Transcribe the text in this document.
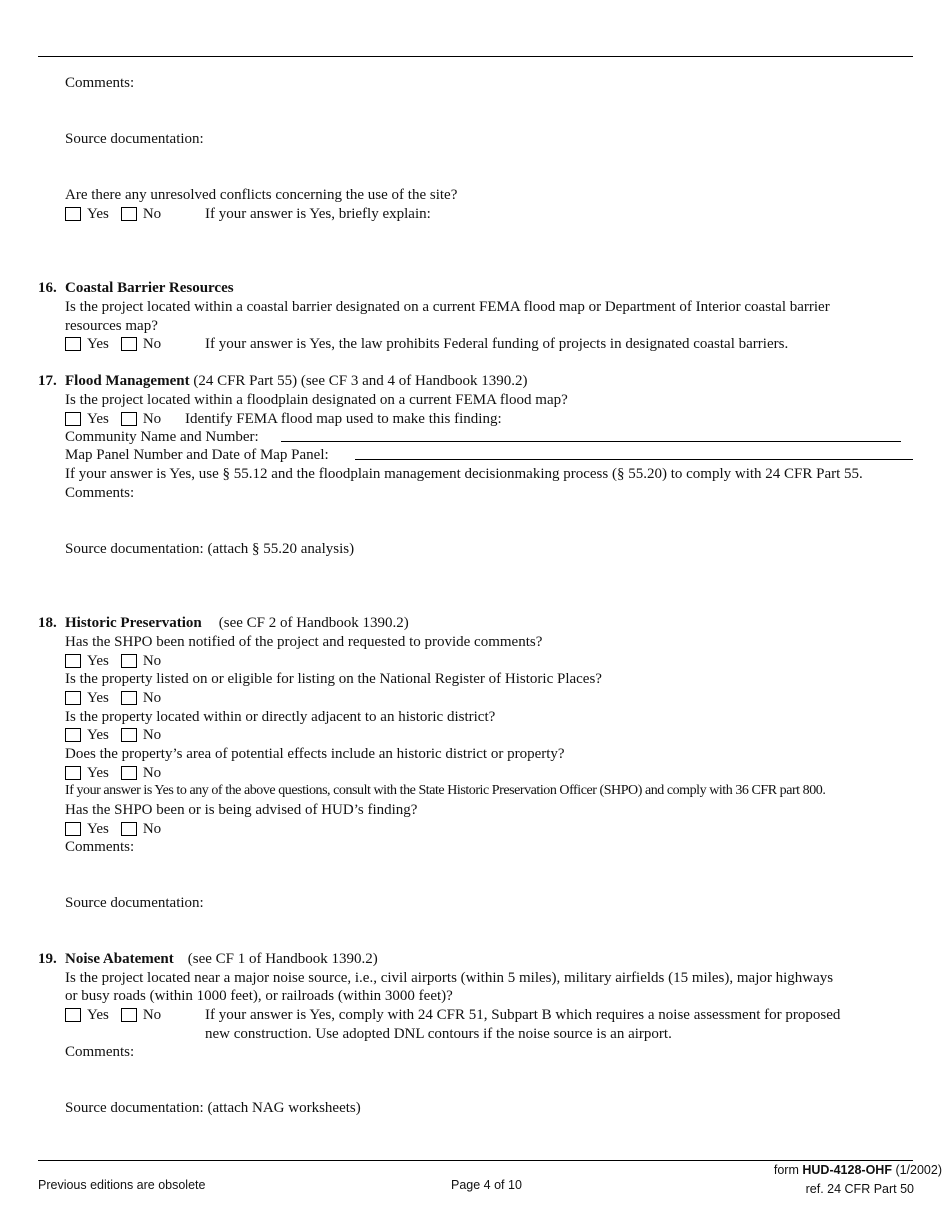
Comments:
Source documentation:
Are there any unresolved conflicts concerning the use of the site?
Yes No	If your answer is Yes, briefly explain:
16. Coastal Barrier Resources
Is the project located within a coastal barrier designated on a current FEMA flood map or Department of Interior coastal barrier
resources map?
Yes No	If your answer is Yes, the law prohibits Federal funding of projects in designated coastal barriers.
17. Flood Management (24 CFR Part 55) (see CF 3 and 4 of Handbook 1390.2)
Is the project located within a floodplain designated on a current FEMA flood map?
Yes No Identify FEMA flood map used to make this finding:
Community Name and Number:
Map Panel Number and Date of Map Panel:
If your answer is Yes, use § 55.12 and the floodplain management decisionmaking process (§ 55.20) to comply with 24 CFR Part 55.
Comments:
Source documentation: (attach § 55.20 analysis)
18. Historic Preservation (see CF 2 of Handbook 1390.2)
Has the SHPO been notified of the project and requested to provide comments?
Yes No
Is the property listed on or eligible for listing on the National Register of Historic Places?
Yes No
Is the property located within or directly adjacent to an historic district?
Yes No
Does the property’s area of potential effects include an historic district or property?
Yes No
If your answer is Yes to any of the above questions, consult with the State Historic Preservation Officer (SHPO) and comply with 36 CFR part 800.
Has the SHPO been or is being advised of HUD’s finding?
Yes No
Comments:
Source documentation:
19. Noise Abatement (see CF 1 of Handbook 1390.2)
Is the project located near a major noise source, i.e., civil airports (within 5 miles), military airfields (15 miles), major highways
or busy roads (within 1000 feet), or railroads (within 3000 feet)?
Yes No	If your answer is Yes, comply with 24 CFR 51, Subpart B which requires a noise assessment for proposed
new construction. Use adopted DNL contours if the noise source is an airport.
Comments:
Source documentation: (attach NAG worksheets)
Previous editions are obsolete	Page 4 of 10
form HUD-4128-OHF (1/2002)
ref. 24 CFR Part 50
